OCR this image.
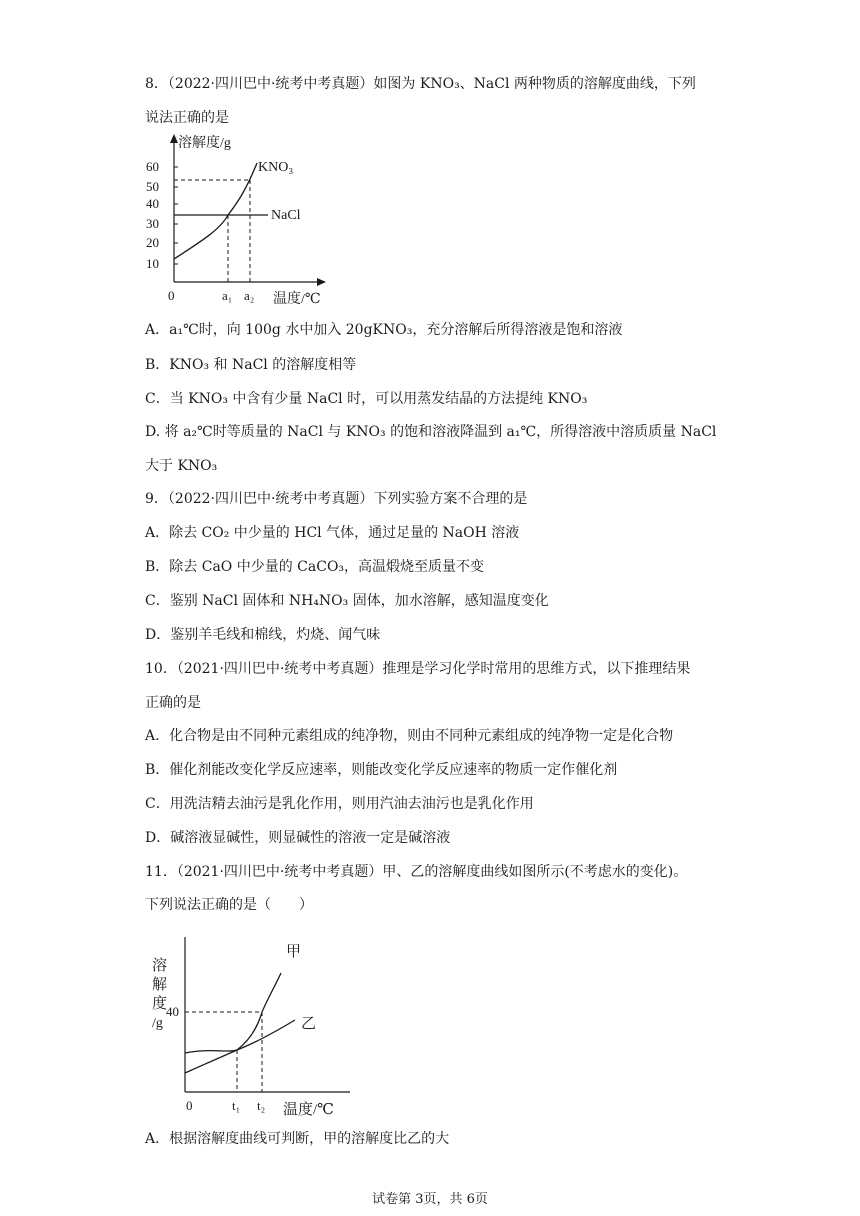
8．（2022·四川巴中·统考中考真题）如图为 KNO₃、NaCl 两种物质的溶解度曲线，下列
说法正确的是
溶解度/g
60
50
40
30
20
10
0	a₁ a₂ 温度/℃
NaCl
KNO₃
A．a₁℃时，向 100g 水中加入 20gKNO₃，充分溶解后所得溶液是饱和溶液
B．KNO₃ 和 NaCl 的溶解度相等
C．当 KNO₃ 中含有少量 NaCl 时，可以用蒸发结晶的方法提纯 KNO₃
D. 将 a₂℃时等质量的 NaCl 与 KNO₃ 的饱和溶液降温到 a₁℃，所得溶液中溶质质量 NaCl
大于 KNO₃
9．（2022·四川巴中·统考中考真题）下列实验方案不合理的是
A．除去 CO₂ 中少量的 HCl 气体，通过足量的 NaOH 溶液
B．除去 CaO 中少量的 CaCO₃，高温煅烧至质量不变
C．鉴别 NaCl 固体和 NH₄NO₃ 固体，加水溶解，感知温度变化
D．鉴别羊毛线和棉线，灼烧、闻气味
10．（2021·四川巴中·统考中考真题）推理是学习化学时常用的思维方式，以下推理结果
正确的是
A．化合物是由不同种元素组成的纯净物，则由不同种元素组成的纯净物一定是化合物
B．催化剂能改变化学反应速率，则能改变化学反应速率的物质一定作催化剂
C．用洗洁精去油污是乳化作用，则用汽油去油污也是乳化作用
D．碱溶液显碱性，则显碱性的溶液一定是碱溶液
11．（2021·四川巴中·统考中考真题）甲、乙的溶解度曲线如图所示(不考虑水的变化)。
下列说法正确的是（　　）
溶
解
度
/g
40
甲
乙
0	t₁ t₂ 温度/℃
A．根据溶解度曲线可判断，甲的溶解度比乙的大
试卷第 3页，共 6页
